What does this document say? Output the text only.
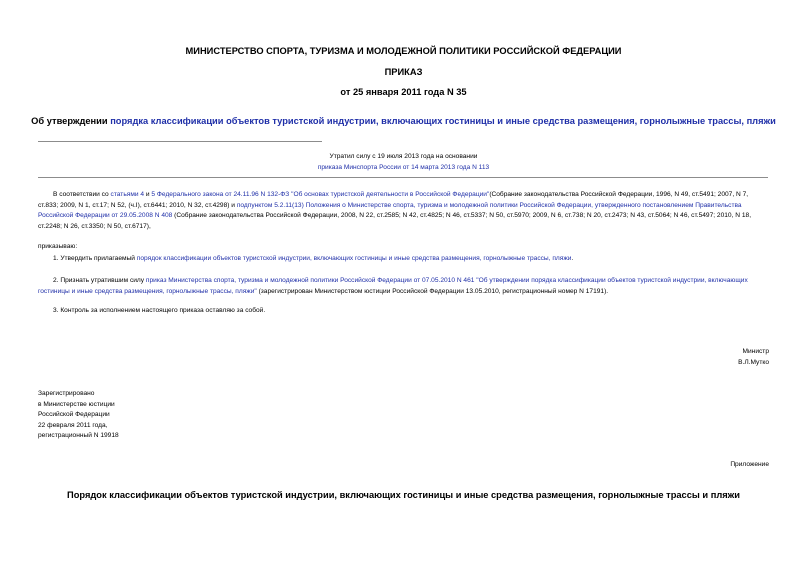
МИНИСТЕРСТВО СПОРТА, ТУРИЗМА И МОЛОДЕЖНОЙ ПОЛИТИКИ РОССИЙСКОЙ ФЕДЕРАЦИИ
ПРИКАЗ
от 25 января 2011 года N 35
Об утверждении порядка классификации объектов туристской индустрии, включающих гостиницы и иные средства размещения, горнолыжные трассы, пляжи
Утратил силу с 19 июля 2013 года на основании
приказа Минспорта России от 14 марта 2013 года N 113

В соответствии со статьями 4 и 5 Федерального закона от 24.11.96 N 132-ФЗ "Об основах туристской деятельности в Российской Федерации"(Собрание законодательства Российской Федерации, 1996, N 49, ст.5491; 2007, N 7, ст.833; 2009, N 1, ст.17; N 52, (ч.I), ст.6441; 2010, N 32, ст.4298) и подпунктом 5.2.11(13) Положения о Министерстве спорта, туризма и молодежной политики Российской Федерации, утвержденного постановлением Правительства Российской Федерации от 29.05.2008 N 408 (Собрание законодательства Российской Федерации, 2008, N 22, ст.2585; N 42, ст.4825; N 46, ст.5337; N 50, ст.5970; 2009, N 6, ст.738; N 20, ст.2473; N 43, ст.5064; N 46, ст.5497; 2010, N 18, ст.2248; N 26, ст.3350; N 50, ст.6717),

приказываю:

1. Утвердить прилагаемый порядок классификации объектов туристской индустрии, включающих гостиницы и иные средства размещения, горнолыжные трассы, пляжи.

2. Признать утратившим силу приказ Министерства спорта, туризма и молодежной политики Российской Федерации от 07.05.2010 N 461 "Об утверждении порядка классификации объектов туристской индустрии, включающих гостиницы и иные средства размещения, горнолыжные трассы, пляжи" (зарегистрирован Министерством юстиции Российской Федерации 13.05.2010, регистрационный номер N 17191).

3. Контроль за исполнением настоящего приказа оставляю за собой.

Министр
В.Л.Мутко
Зарегистрировано
в Министерстве юстиции
Российской Федерации
22 февраля 2011 года,
регистрационный N 19918
Приложение
Порядок классификации объектов туристской индустрии, включающих гостиницы и иные средства размещения, горнолыжные трассы и пляжи
